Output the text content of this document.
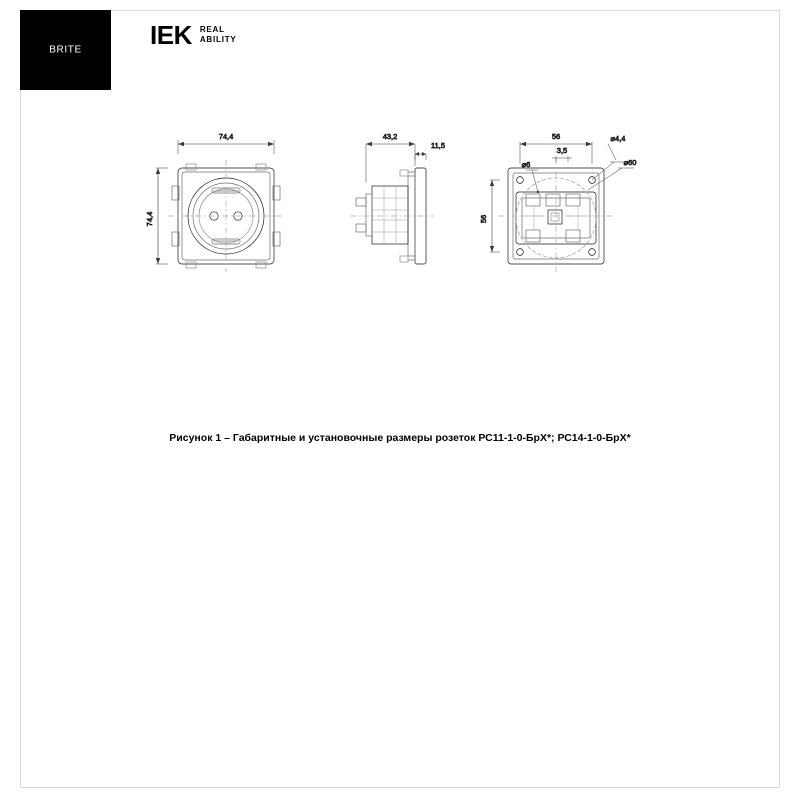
BRITE	IEK REAL
ABILITY
74,4
74,4
43,2
11,5
56
56
⌀6
3,5
⌀4,4
⌀60
Рисунок 1 – Габаритные и установочные размеры розеток РС11-1-0-БрХ*; РС14-1-0-БрХ*
